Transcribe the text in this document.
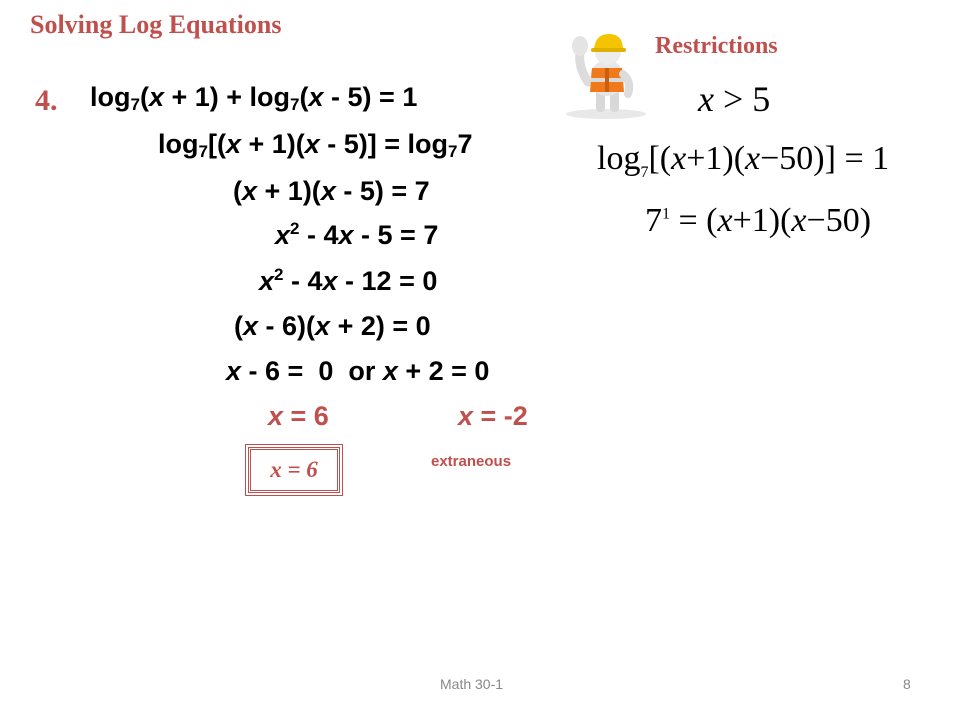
Solving Log Equations
4. $\log_7(x + 1) + \log_7(x - 5) = 1$
$\log_7[(x + 1)(x - 5)] = \log_77$
(x + 1)(x - 5) = 7
$x^2 - 4x - 5 = 7$
$x^2 - 4x - 12 = 0$
(x - 6)(x + 2) = 0
x - 6 =  0  or x + 2 = 0
x = 6	x = -2
x = 6	extraneous
Restrictions
x > 5
$\log_7[(x+1)(x-50)] = 1$
$7^1 = (x+1)(x-50)$
Math 30-1	8
